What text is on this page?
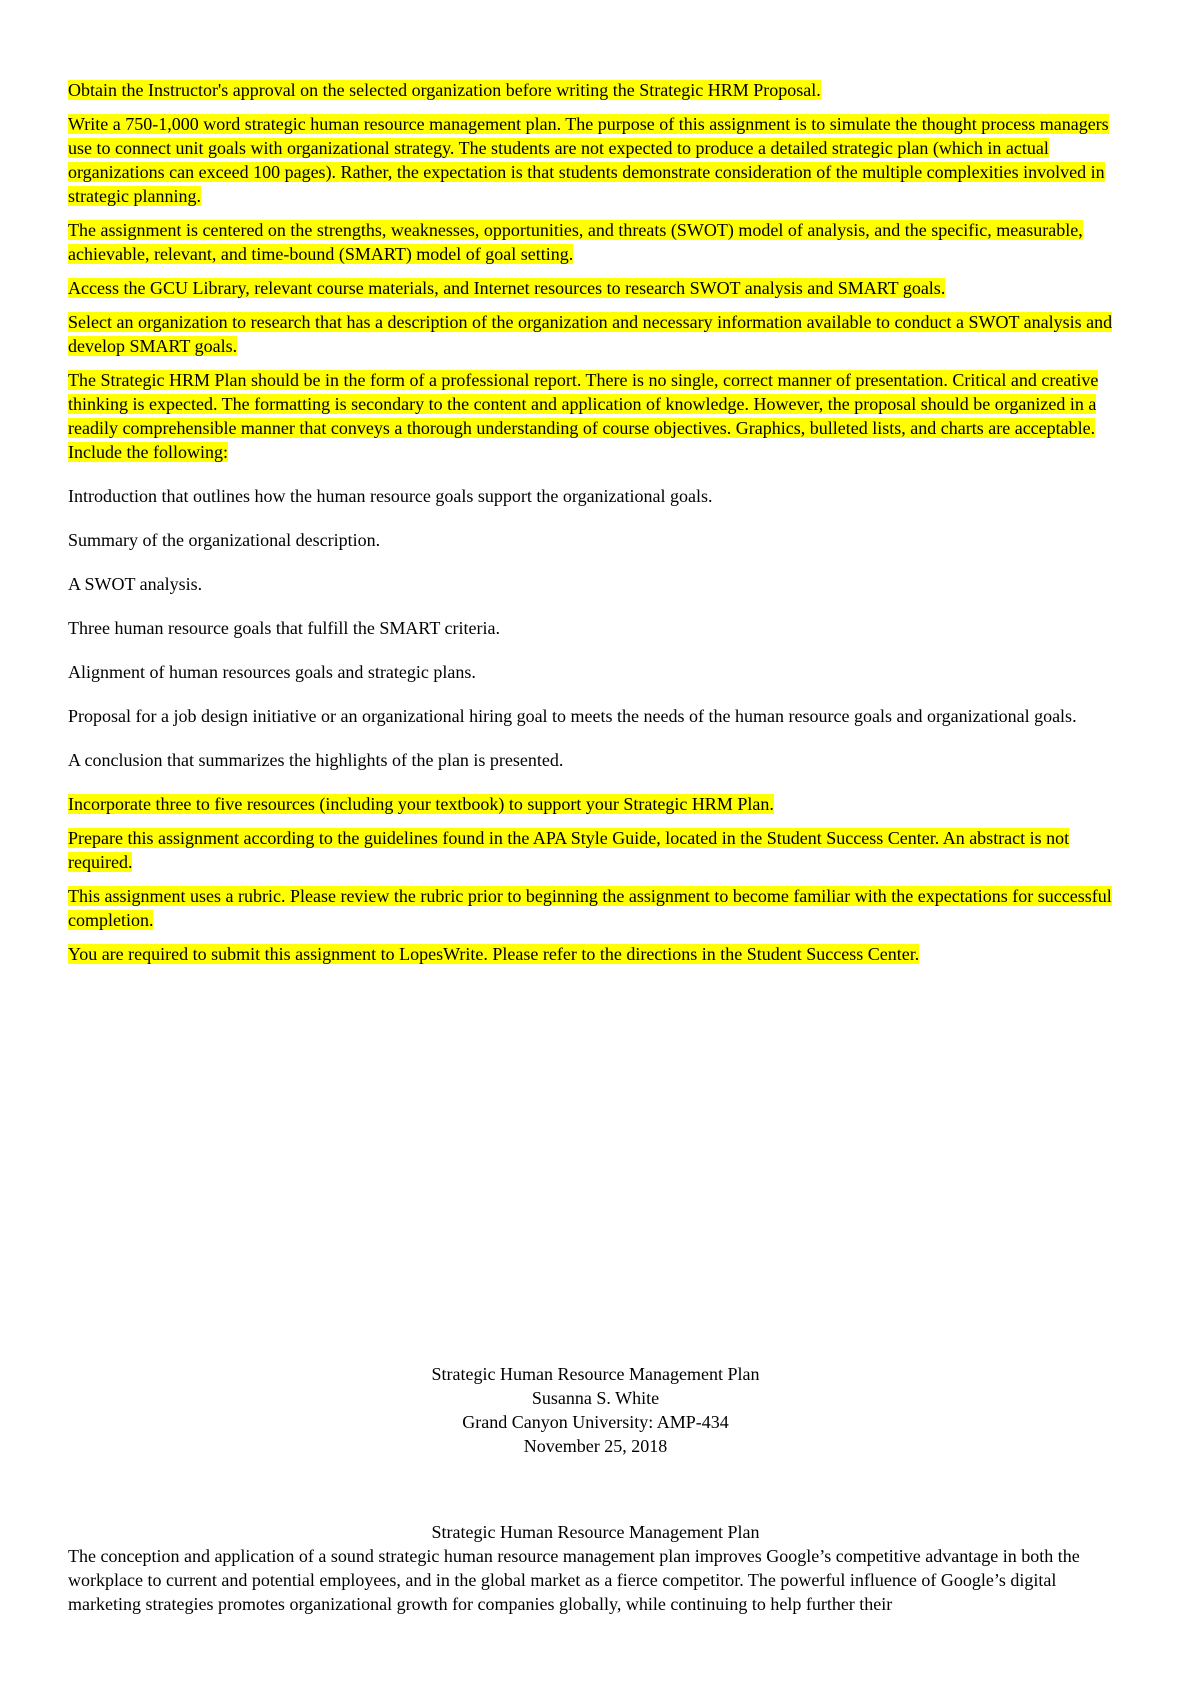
Obtain the Instructor's approval on the selected organization before writing the Strategic HRM Proposal.

Write a 750-1,000 word strategic human resource management plan. The purpose of this assignment is to simulate the thought process managers use to connect unit goals with organizational strategy. The students are not expected to produce a detailed strategic plan (which in actual organizations can exceed 100 pages). Rather, the expectation is that students demonstrate consideration of the multiple complexities involved in strategic planning.

The assignment is centered on the strengths, weaknesses, opportunities, and threats (SWOT) model of analysis, and the specific, measurable, achievable, relevant, and time-bound (SMART) model of goal setting.

Access the GCU Library, relevant course materials, and Internet resources to research SWOT analysis and SMART goals.

Select an organization to research that has a description of the organization and necessary information available to conduct a SWOT analysis and develop SMART goals.

The Strategic HRM Plan should be in the form of a professional report. There is no single, correct manner of presentation. Critical and creative thinking is expected. The formatting is secondary to the content and application of knowledge. However, the proposal should be organized in a readily comprehensible manner that conveys a thorough understanding of course objectives. Graphics, bulleted lists, and charts are acceptable. Include the following:

Introduction that outlines how the human resource goals support the organizational goals.

Summary of the organizational description.

A SWOT analysis.

Three human resource goals that fulfill the SMART criteria.

Alignment of human resources goals and strategic plans.

Proposal for a job design initiative or an organizational hiring goal to meets the needs of the human resource goals and organizational goals.

A conclusion that summarizes the highlights of the plan is presented.

Incorporate three to five resources (including your textbook) to support your Strategic HRM Plan.

Prepare this assignment according to the guidelines found in the APA Style Guide, located in the Student Success Center. An abstract is not required.

This assignment uses a rubric. Please review the rubric prior to beginning the assignment to become familiar with the expectations for successful completion.

You are required to submit this assignment to LopesWrite. Please refer to the directions in the Student Success Center.

Strategic Human Resource Management Plan
Susanna S. White
Grand Canyon University: AMP-434
November 25, 2018
Strategic Human Resource Management Plan
The conception and application of a sound strategic human resource management plan improves Google’s competitive advantage in both the workplace to current and potential employees, and in the global market as a fierce competitor. The powerful influence of Google’s digital marketing strategies promotes organizational growth for companies globally, while continuing to help further their
